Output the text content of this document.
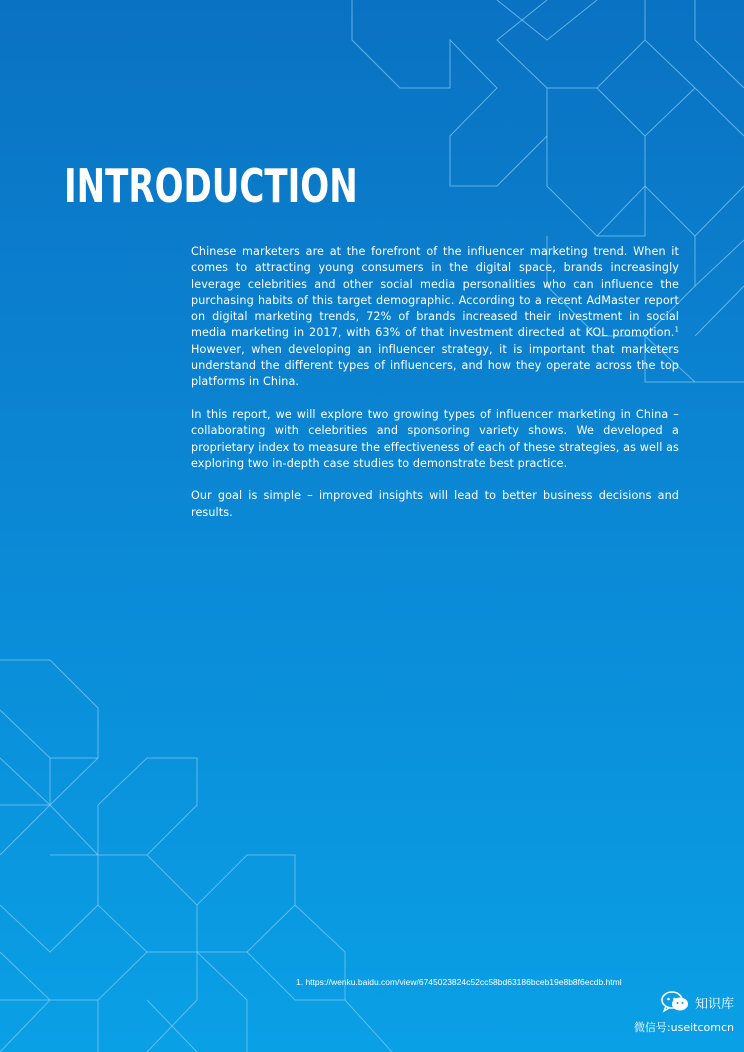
INTRODUCTION

Chinese marketers are at the forefront of the influencer marketing trend. When it comes to attracting young consumers in the digital space, brands increasingly leverage celebrities and other social media personalities who can influence the purchasing habits of this target demographic. According to a recent AdMaster report on digital marketing trends, 72% of brands increased their investment in social media marketing in 2017, with 63% of that investment directed at KOL promotion.$^1$ However, when developing an influencer strategy, it is important that marketers understand the different types of influencers, and how they operate across the top platforms in China.

In this report, we will explore two growing types of influencer marketing in China – collaborating with celebrities and sponsoring variety shows. We developed a proprietary index to measure the effectiveness of each of these strategies, as well as exploring two in-depth case studies to demonstrate best practice.

Our goal is simple – improved insights will lead to better business decisions and results.

1. https://wenku.baidu.com/view/6745023824c52cc58bd63186bceb19e8b8f6ecdb.html
知识库
微信号:useitcomcn
